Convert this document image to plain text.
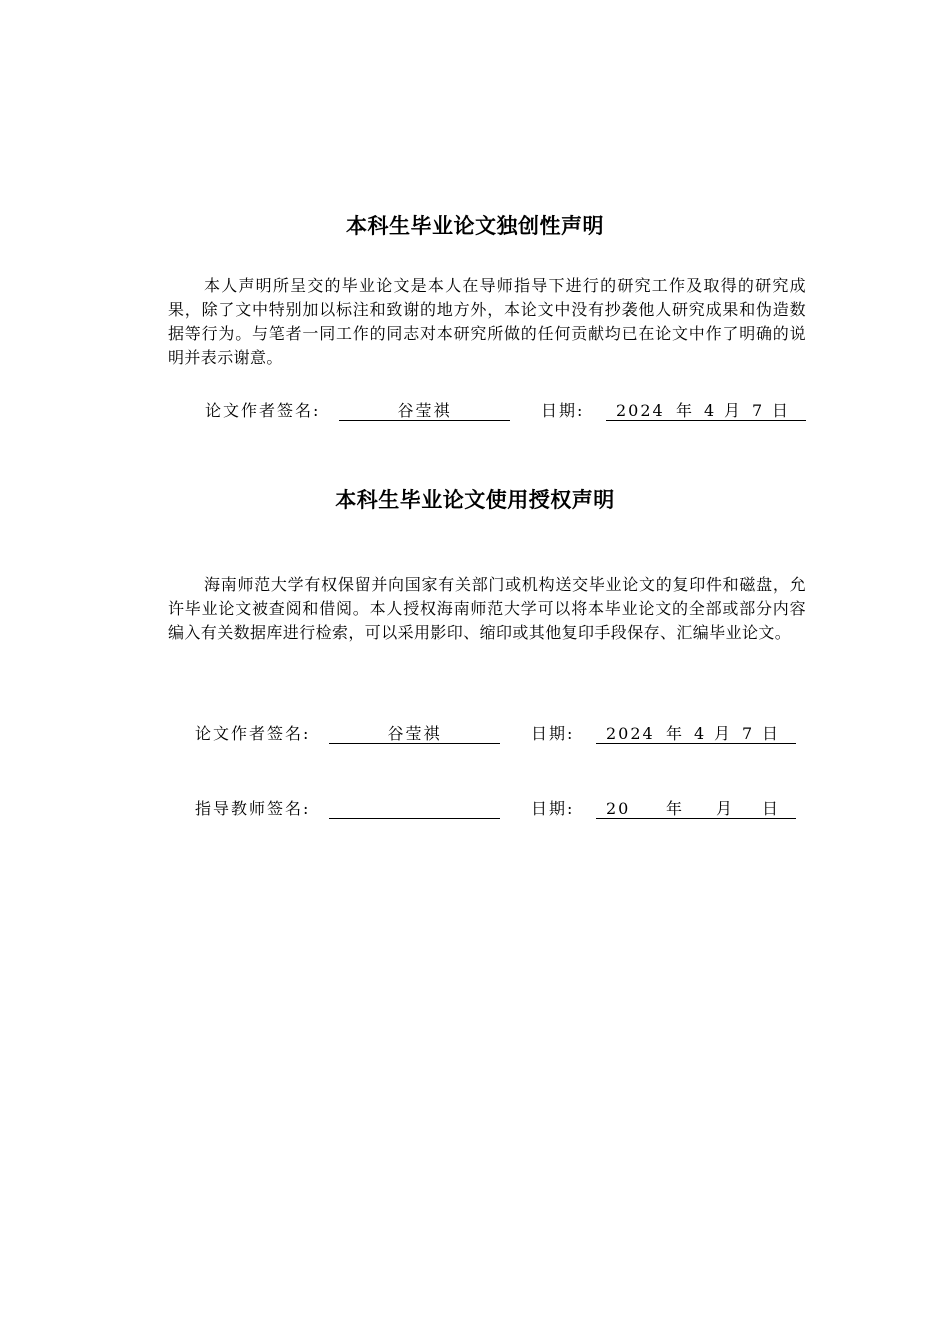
本科生毕业论文独创性声明

本人声明所呈交的毕业论文是本人在导师指导下进行的研究工作及取得的研究成果，除了文中特别加以标注和致谢的地方外，本论文中没有抄袭他人研究成果和伪造数据等行为。与笔者一同工作的同志对本研究所做的任何贡献均已在论文中作了明确的说明并表示谢意。

论文作者签名:	谷莹祺	日期: 2024 年 4 月 7 日
本科生毕业论文使用授权声明

海南师范大学有权保留并向国家有关部门或机构送交毕业论文的复印件和磁盘，允许毕业论文被查阅和借阅。本人授权海南师范大学可以将本毕业论文的全部或部分内容编入有关数据库进行检索，可以采用影印、缩印或其他复印手段保存、汇编毕业论文。

论文作者签名:	谷莹祺	日期: 2024 年 4 月 7 日
指导教师签名:	日期: 20 年 月 日
